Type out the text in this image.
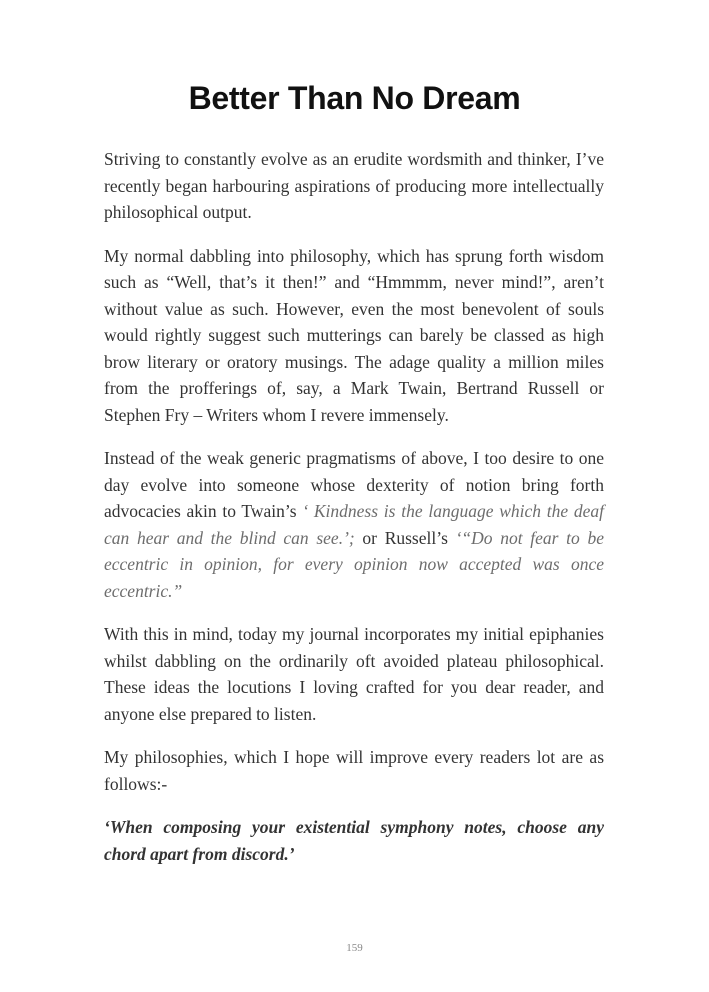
Better Than No Dream

Striving to constantly evolve as an erudite wordsmith and thinker, I’ve recently began harbouring aspirations of producing more intellectually philosophical output.

My normal dabbling into philosophy, which has sprung forth wisdom such as “Well, that’s it then!” and “Hmmmm, never mind!”, aren’t without value as such. However, even the most benevolent of souls would rightly suggest such mutterings can barely be classed as high brow literary or oratory musings. The adage quality a million miles from the profferings of, say, a Mark Twain, Bertrand Russell or Stephen Fry – Writers whom I revere immensely.

Instead of the weak generic pragmatisms of above, I too desire to one day evolve into someone whose dexterity of notion bring forth advocacies akin to Twain’s ‘ Kindness is the language which the deaf can hear and the blind can see.’; or Russell’s ‘“Do not fear to be eccentric in opinion, for every opinion now accepted was once eccentric.”

With this in mind, today my journal incorporates my initial epiphanies whilst dabbling on the ordinarily oft avoided plateau philosophical. These ideas the locutions I loving crafted for you dear reader, and anyone else prepared to listen.

My philosophies, which I hope will improve every readers lot are as follows:-

‘When composing your existential symphony notes, choose any chord apart from discord.’

159
